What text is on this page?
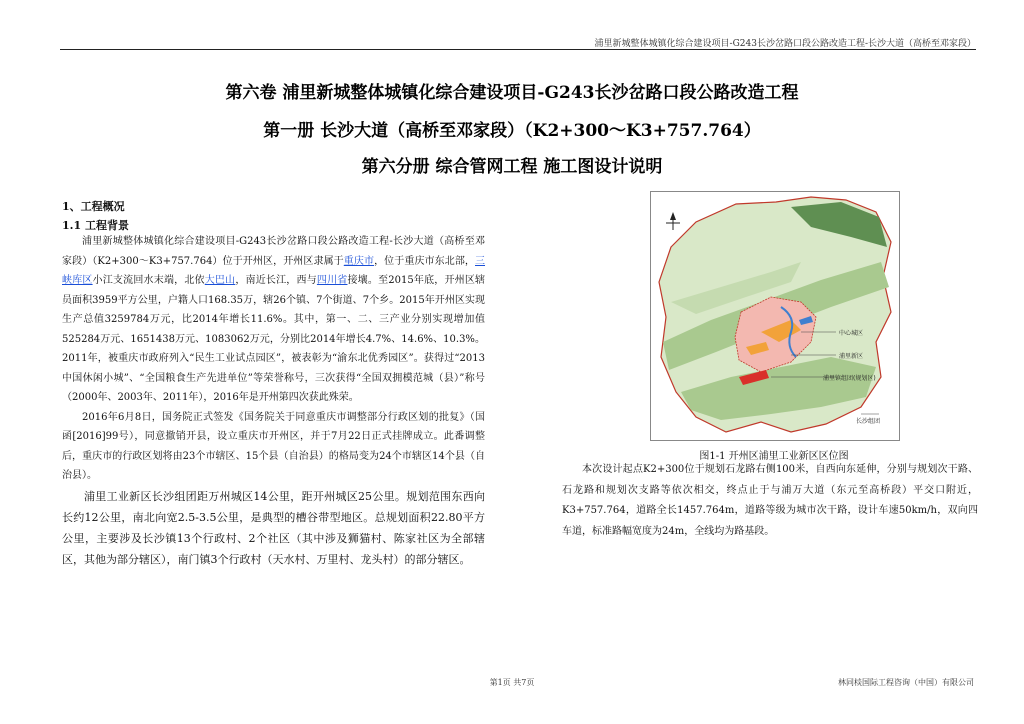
浦里新城整体城镇化综合建设项目-G243长沙岔路口段公路改造工程-长沙大道（高桥至邓家段）
第六卷 浦里新城整体城镇化综合建设项目-G243长沙岔路口段公路改造工程
第一册 长沙大道（高桥至邓家段）（K2+300～K3+757.764）
第六分册 综合管网工程 施工图设计说明
1、工程概况
1.1 工程背景

浦里新城整体城镇化综合建设项目-G243长沙岔路口段公路改造工程-长沙大道（高桥至邓家段）（K2+300～K3+757.764）位于开州区，开州区隶属于重庆市，位于重庆市东北部，三峡库区小江支流回水末端，北依大巴山，南近长江，西与四川省接壤。至2015年底，开州区辖员面积3959平方公里，户籍人口168.35万，辖26个镇、7个街道、7个乡。2015年开州区实现生产总值3259784万元，比2014年增长11.6%。其中，第一、二、三产业分别实现增加值525284万元、1651438万元、1083062万元，分别比2014年增长4.7%、14.6%、10.3%。2011年，被重庆市政府列入“民生工业试点园区”，被表彰为“渝东北优秀园区”。获得过“2013中国休闲小城”、“全国粮食生产先进单位”等荣誉称号，三次获得“全国双拥模范城（县）”称号（2000年、2003年、2011年），2016年是开州第四次获此殊荣。

2016年6月8日，国务院正式签发《国务院关于同意重庆市调整部分行政区划的批复》（国函[2016]99号），同意撤销开县，设立重庆市开州区，并于7月22日正式挂牌成立。此番调整后，重庆市的行政区划将由23个市辖区、15个县（自治县）的格局变为24个市辖区14个县（自治县）。

浦里工业新区长沙组团距万州城区14公里，距开州城区25公里。规划范围东西向长约12公里，南北向宽2.5-3.5公里，是典型的槽谷带型地区。总规划面积22.80平方公里，主要涉及长沙镇13个行政村、2个社区（其中涉及狮猫村、陈家社区为全部辖区，其他为部分辖区），南门镇3个行政村（天水村、万里村、龙头村）的部分辖区。

中心城区
浦里新区
浦里镇组团(规划区)
长沙组团
图1-1 开州区浦里工业新区区位图

本次设计起点K2+300位于规划石龙路右侧100米，自西向东延伸，分别与规划次干路、石龙路和规划次支路等依次相交，终点止于与浦万大道（东元至高桥段）平交口附近，K3+757.764，道路全长1457.764m，道路等级为城市次干路，设计车速50km/h，双向四车道，标准路幅宽度为24m，全线均为路基段。

第1页 共7页	林同棪国际工程咨询（中国）有限公司
